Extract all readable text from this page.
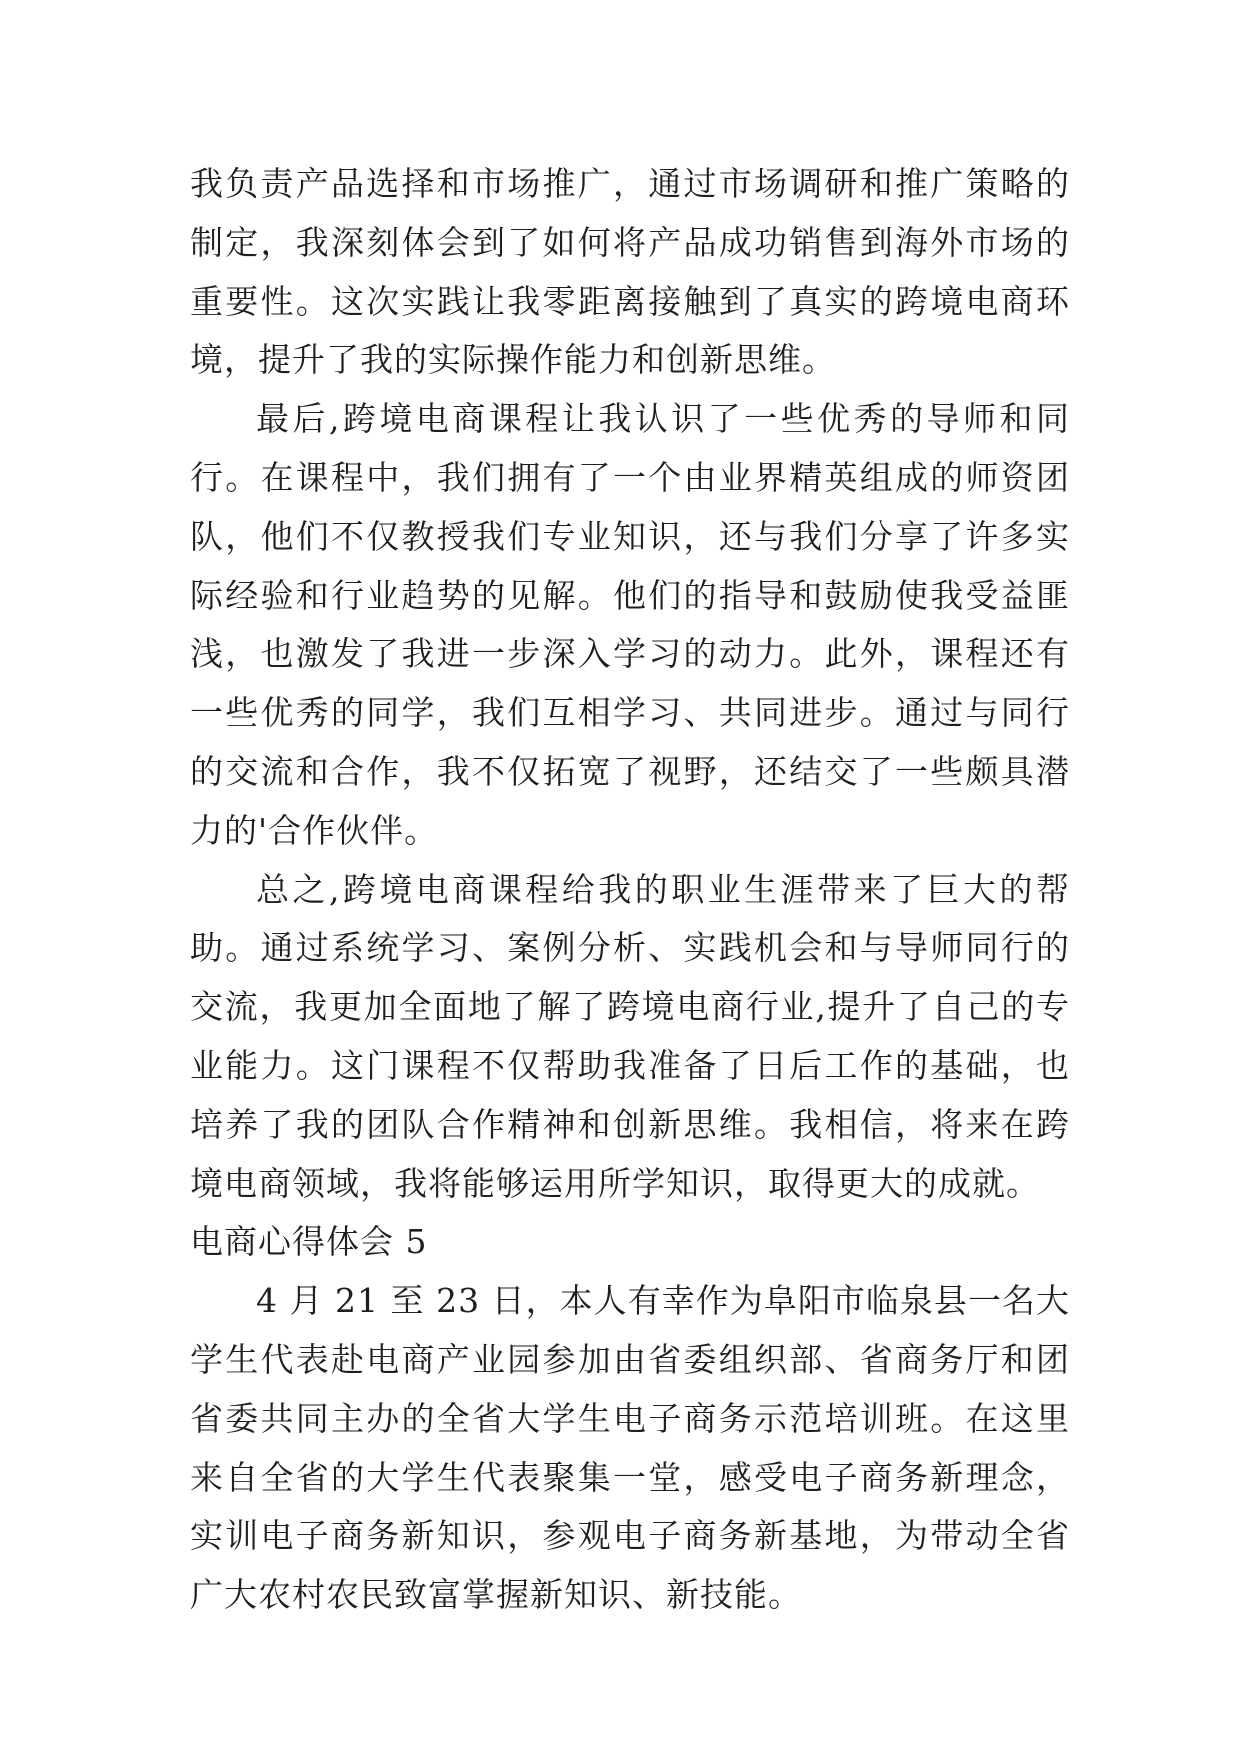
我负责产品选择和市场推广，通过市场调研和推广策略的制定，我深刻体会到了如何将产品成功销售到海外市场的重要性。这次实践让我零距离接触到了真实的跨境电商环境，提升了我的实际操作能力和创新思维。

最后,跨境电商课程让我认识了一些优秀的导师和同行。在课程中，我们拥有了一个由业界精英组成的师资团队，他们不仅教授我们专业知识，还与我们分享了许多实际经验和行业趋势的见解。他们的指导和鼓励使我受益匪浅，也激发了我进一步深入学习的动力。此外，课程还有一些优秀的同学，我们互相学习、共同进步。通过与同行的交流和合作，我不仅拓宽了视野，还结交了一些颇具潜力的'合作伙伴。

总之,跨境电商课程给我的职业生涯带来了巨大的帮助。通过系统学习、案例分析、实践机会和与导师同行的交流，我更加全面地了解了跨境电商行业,提升了自己的专业能力。这门课程不仅帮助我准备了日后工作的基础，也培养了我的团队合作精神和创新思维。我相信，将来在跨境电商领域，我将能够运用所学知识，取得更大的成就。

电商心得体会 5

4 月 21 至 23 日，本人有幸作为阜阳市临泉县一名大学生代表赴电商产业园参加由省委组织部、省商务厅和团省委共同主办的全省大学生电子商务示范培训班。在这里来自全省的大学生代表聚集一堂，感受电子商务新理念，实训电子商务新知识，参观电子商务新基地，为带动全省广大农村农民致富掌握新知识、新技能。
